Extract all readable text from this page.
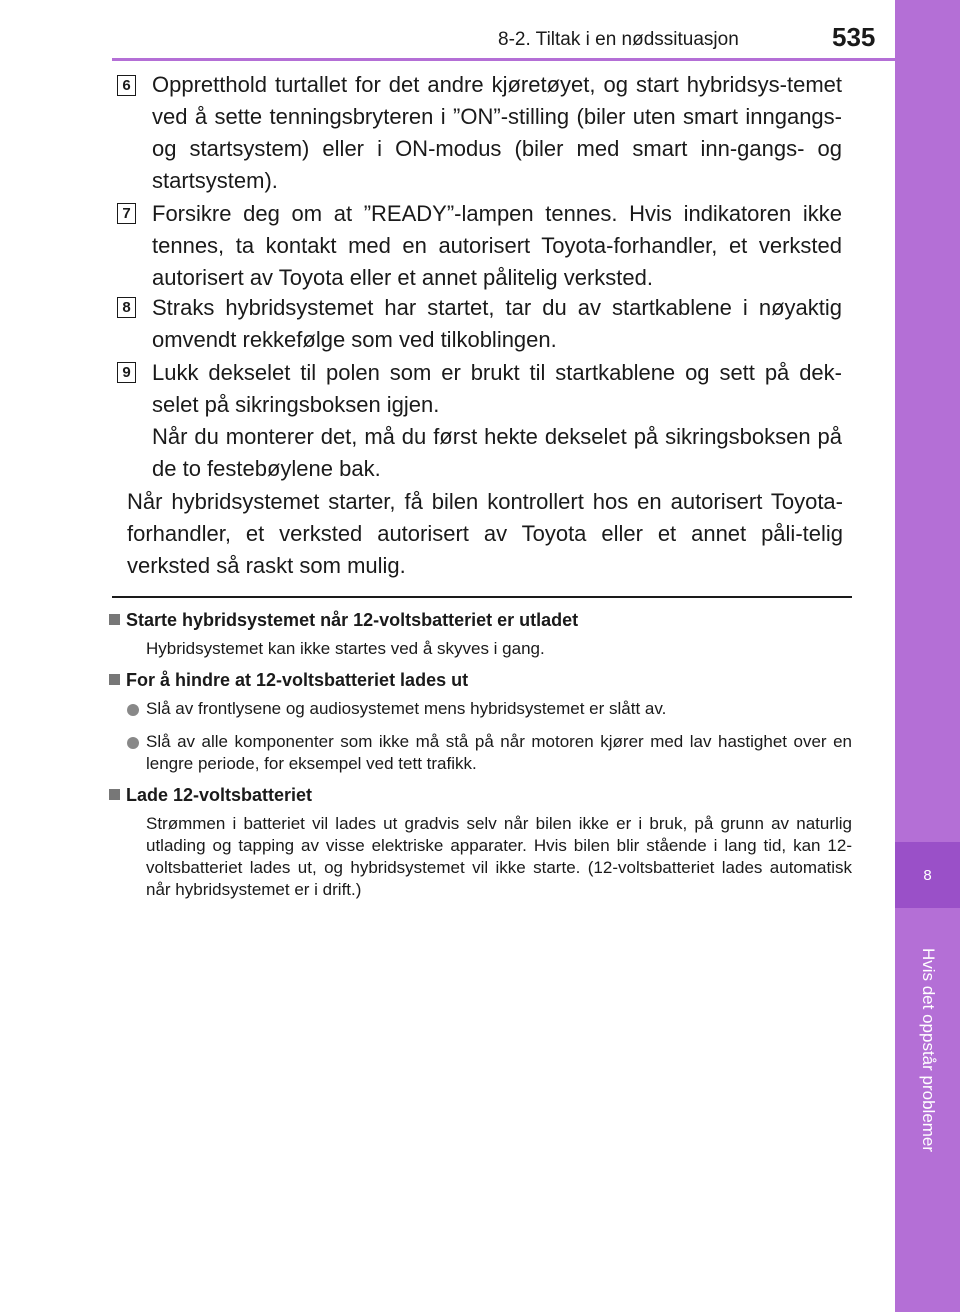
8
Hvis det oppstår problemer
8-2. Tiltak i en nødssituasjon	535
6 Oppretthold turtallet for det andre kjøretøyet, og start hybridsys-temet ved å sette tenningsbryteren i ”ON”-stilling (biler uten smart inngangs- og startsystem) eller i ON-modus (biler med smart inn-gangs- og startsystem).
7 Forsikre deg om at ”READY”-lampen tennes. Hvis indikatoren ikke tennes, ta kontakt med en autorisert Toyota-forhandler, et verksted autorisert av Toyota eller et annet pålitelig verksted.
8 Straks hybridsystemet har startet, tar du av startkablene i nøyaktig omvendt rekkefølge som ved tilkoblingen.
9 Lukk dekselet til polen som er brukt til startkablene og sett på dek-selet på sikringsboksen igjen.
Når du monterer det, må du først hekte dekselet på sikringsboksen på de to festebøylene bak.
Når hybridsystemet starter, få bilen kontrollert hos en autorisert Toyota-forhandler, et verksted autorisert av Toyota eller et annet påli-telig verksted så raskt som mulig.
Starte hybridsystemet når 12-voltsbatteriet er utladet
Hybridsystemet kan ikke startes ved å skyves i gang.
For å hindre at 12-voltsbatteriet lades ut
Slå av frontlysene og audiosystemet mens hybridsystemet er slått av.
Slå av alle komponenter som ikke må stå på når motoren kjører med lav hastighet over en lengre periode, for eksempel ved tett trafikk.
Lade 12-voltsbatteriet
Strømmen i batteriet vil lades ut gradvis selv når bilen ikke er i bruk, på grunn av naturlig utlading og tapping av visse elektriske apparater. Hvis bilen blir stående i lang tid, kan 12-voltsbatteriet lades ut, og hybridsystemet vil ikke starte. (12-voltsbatteriet lades automatisk når hybridsystemet er i drift.)
